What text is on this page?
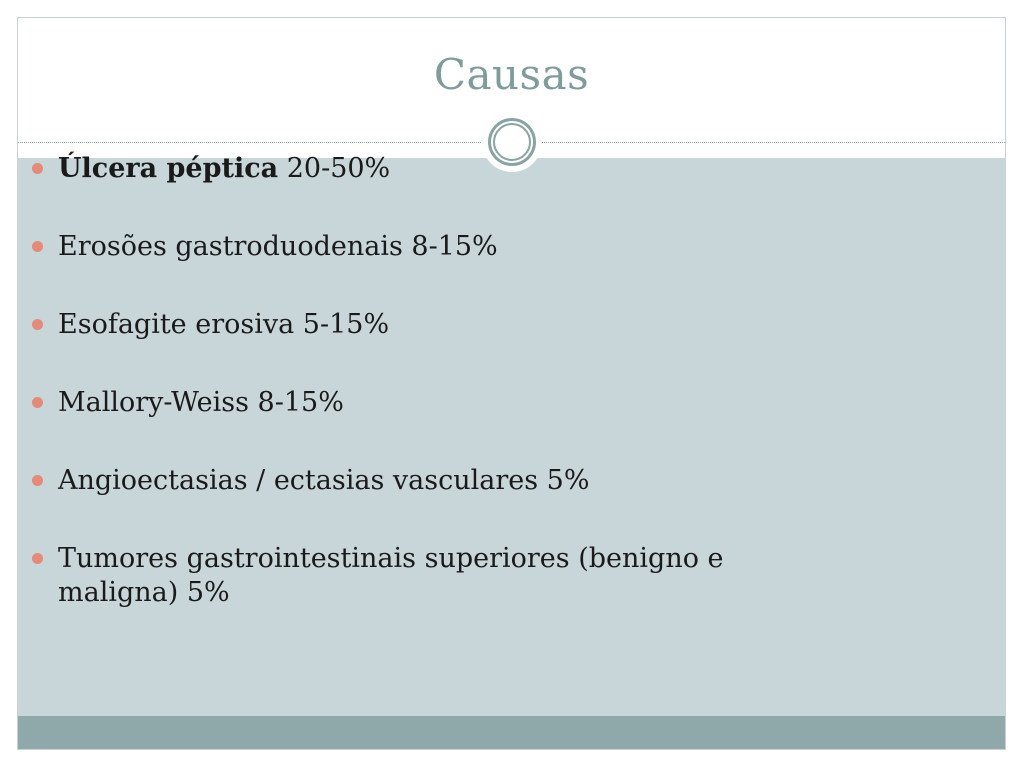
Causas
Úlcera péptica 20-50%
Erosões gastroduodenais 8-15%
Esofagite erosiva 5-15%
Mallory-Weiss 8-15%
Angioectasias / ectasias vasculares 5%
Tumores gastrointestinais superiores (benigno e maligna) 5%
